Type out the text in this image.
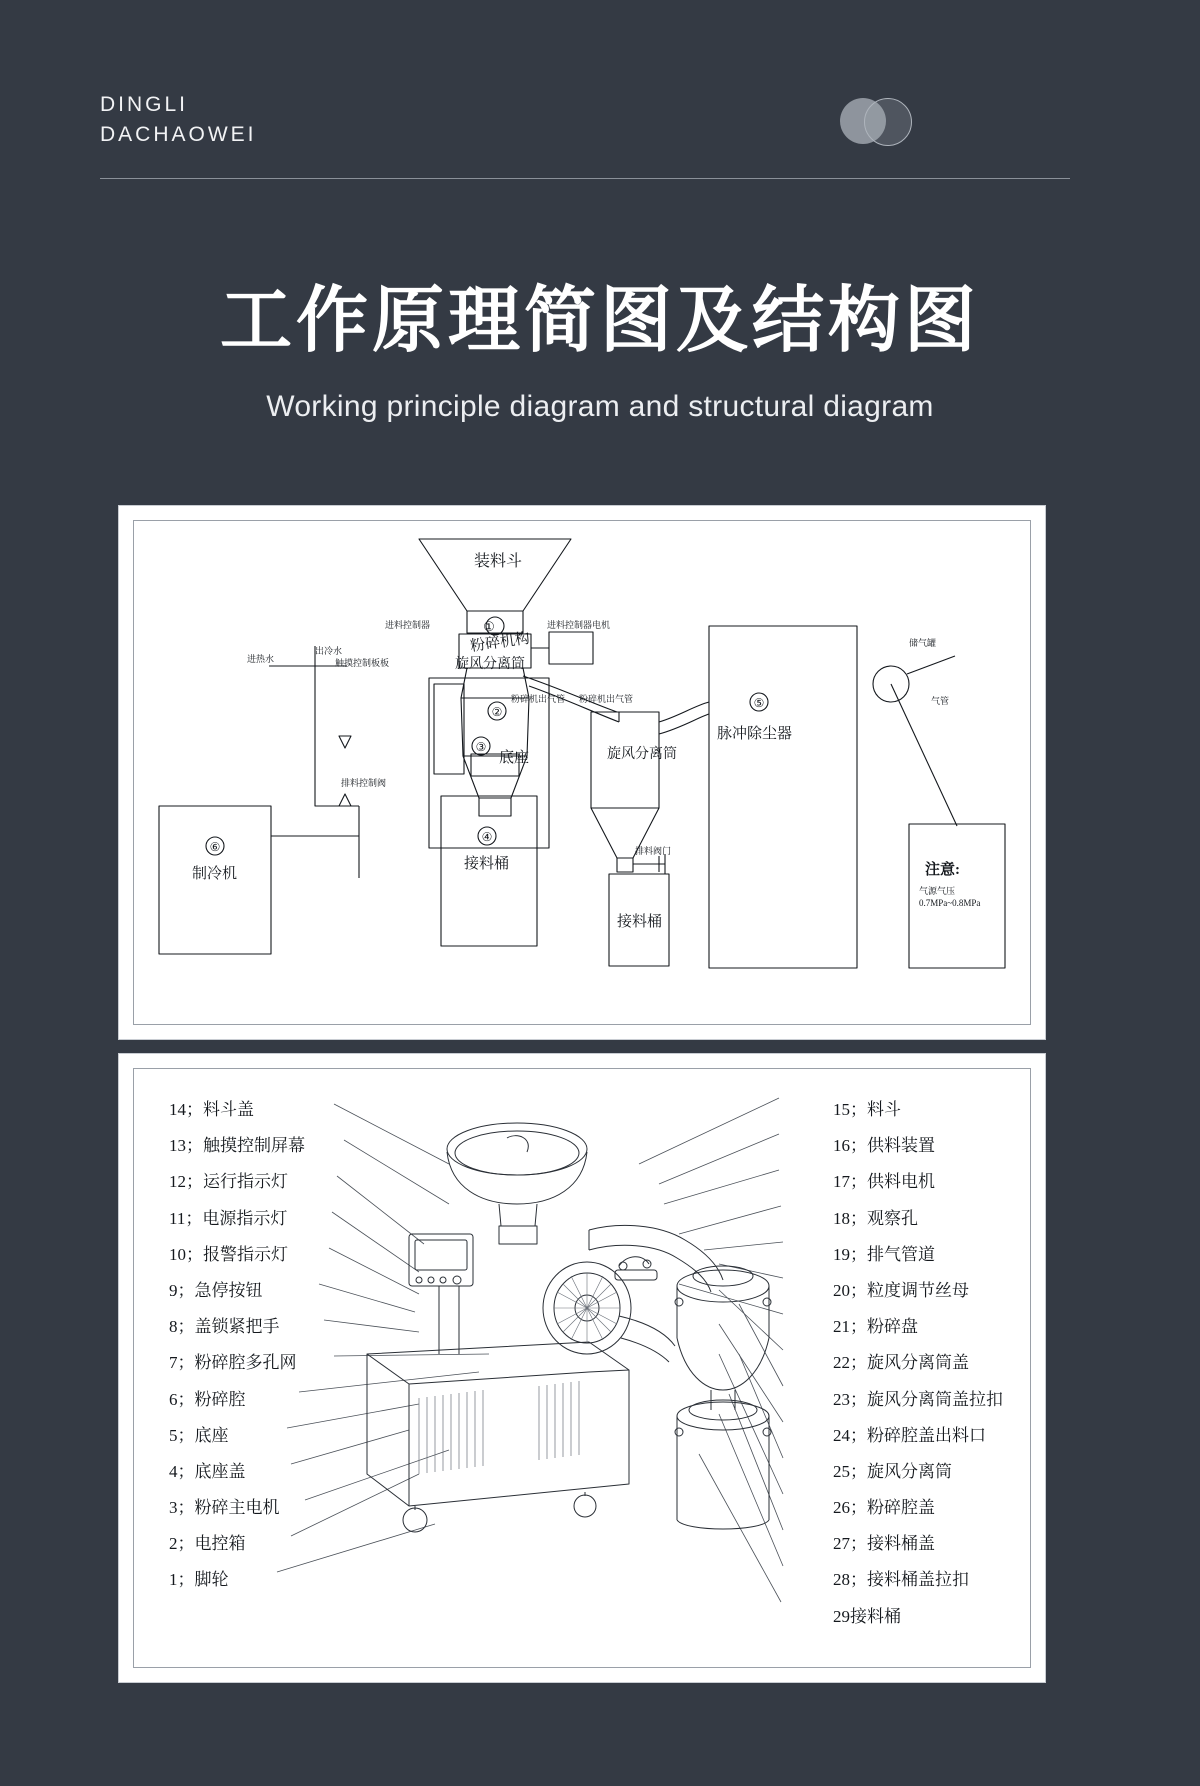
DINGLI
DACHAOWEI
工作原理简图及结构图
Working principle diagram and structural diagram
装料斗
①
进料控制器	进料控制器电机
粉碎机构
旋风分离筒
②
③
底座
触摸控制板板
排料控制阀
④
接料桶
进热水
出冷水
⑥
制冷机
粉碎机出气管 粉碎机出气管
旋风分离筒
排料阀门
接料桶
⑤
脉冲除尘器
储气罐
气管
注意:
气源气压
0.7MPa~0.8MPa
14；料斗盖
13；触摸控制屏幕
12；运行指示灯
11；电源指示灯
10；报警指示灯
9；急停按钮
8；盖锁紧把手
7；粉碎腔多孔网
6；粉碎腔
5；底座
4；底座盖
3；粉碎主电机
2；电控箱
1；脚轮
15；料斗
16；供料装置
17；供料电机
18；观察孔
19；排气管道
20；粒度调节丝母
21；粉碎盘
22；旋风分离筒盖
23；旋风分离筒盖拉扣
24；粉碎腔盖出料口
25；旋风分离筒
26；粉碎腔盖
27；接料桶盖
28；接料桶盖拉扣
29接料桶
